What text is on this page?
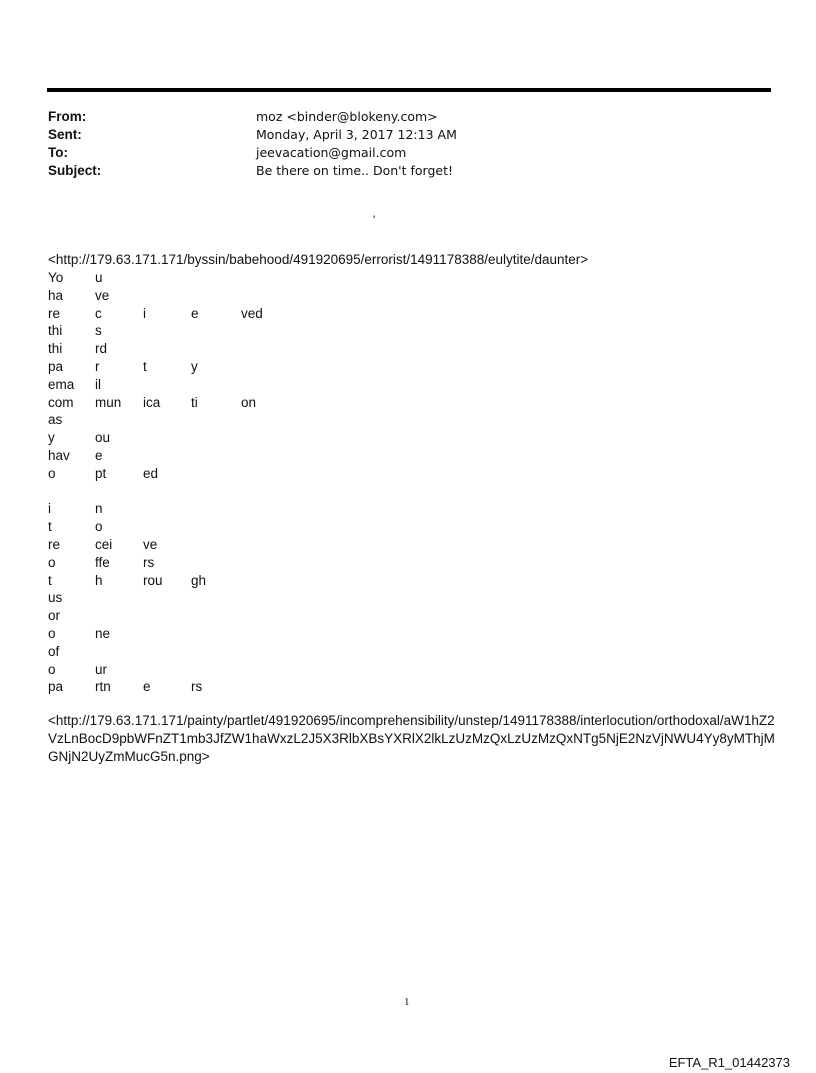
From:	moz <binder@blokeny.com>
Sent:	Monday, April 3, 2017 12:13 AM
To:	jeevacation@gmail.com
Subject:	Be there on time.. Don't forget!
'
<http://179.63.171.171/byssin/babehood/491920695/errorist/1491178388/eulytite/daunter>
Yo u
ha ve
re	c	i	e	ved
thi s
thi rd
pa r	t	y
ema il
com mun ica ti	on
as
y	ou
hav e
o	pt	ed
i	n
t	o
re	cei ve
o	ffe rs
t	h	rou gh
us
or
o	ne
of
o	ur
pa rtn e	rs
<http://179.63.171.171/painty/partlet/491920695/incomprehensibility/unstep/1491178388/interlocution/orthodoxal/aW1hZ2VzLnBocD9pbWFnZT1mb3JfZW1haWxzL2J5X3RlbXBsYXRlX2lkLzUzMzQxLzUzMzQxNTg5NjE2NzVjNWU4Yy8yMThjMGNjN2UyZmMucG5n.png>
1
EFTA_R1_01442373
